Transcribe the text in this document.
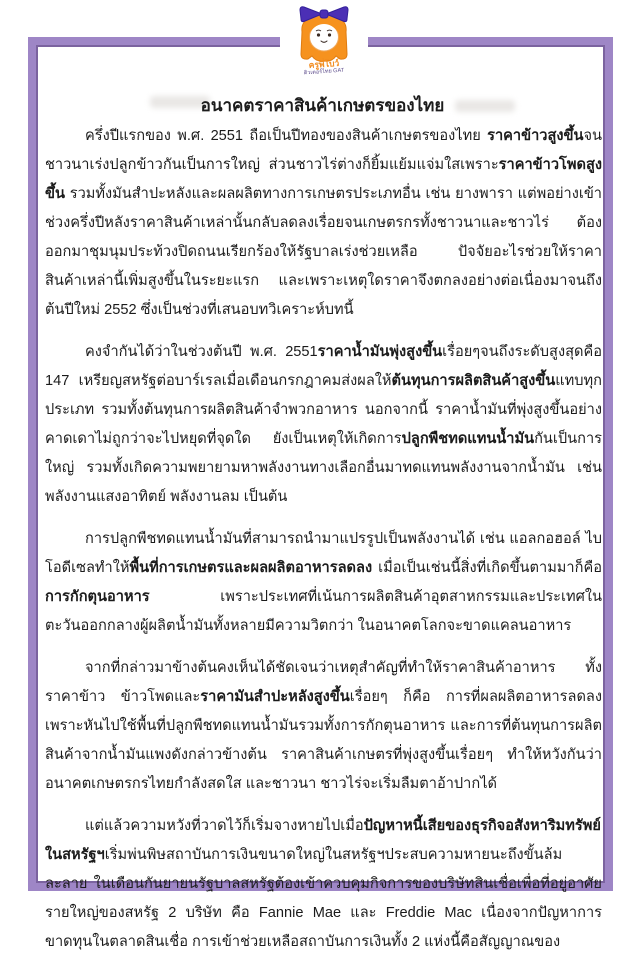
ครูพี่โบว์
ติวเตอร์ไทย GAT
อนาคตราคาสินค้าเกษตรของไทย

ครึ่งปีแรกของ พ.ศ. 2551 ถือเป็นปีทองของสินค้าเกษตรของไทย ราคาข้าวสูงขึ้นจนชาวนาเร่งปลูกข้าวกันเป็นการใหญ่ ส่วนชาวไร่ต่างก็ยิ้มแย้มแจ่มใสเพราะราคาข้าวโพดสูงขึ้น รวมทั้งมันสำปะหลังและผลผลิตทางการเกษตรประเภทอื่น เช่น ยางพารา แต่พอย่างเข้าช่วงครึ่งปีหลังราคาสินค้าเหล่านั้นกลับลดลงเรื่อยจนเกษตรกรทั้งชาวนาและชาวไร่ ต้องออกมาชุมนุมประท้วงปิดถนนเรียกร้องให้รัฐบาลเร่งช่วยเหลือ ปัจจัยอะไรช่วยให้ราคาสินค้าเหล่านี้เพิ่มสูงขึ้นในระยะแรก และเพราะเหตุใดราคาจึงตกลงอย่างต่อเนื่องมาจนถึงต้นปีใหม่ 2552 ซึ่งเป็นช่วงที่เสนอบทวิเคราะห์บทนี้

คงจำกันได้ว่าในช่วงต้นปี พ.ศ. 2551ราคาน้ำมันพุ่งสูงขึ้นเรื่อยๆจนถึงระดับสูงสุดคือ 147 เหรียญสหรัฐต่อบาร์เรลเมื่อเดือนกรกฎาคมส่งผลให้ต้นทุนการผลิตสินค้าสูงขึ้นแทบทุกประเภท รวมทั้งต้นทุนการผลิตสินค้าจำพวกอาหาร นอกจากนี้ ราคาน้ำมันที่พุ่งสูงขึ้นอย่างคาดเดาไม่ถูกว่าจะไปหยุดที่จุดใด ยังเป็นเหตุให้เกิดการปลูกพืชทดแทนน้ำมันกันเป็นการใหญ่ รวมทั้งเกิดความพยายามหาพลังงานทางเลือกอื่นมาทดแทนพลังงานจากน้ำมัน เช่น พลังงานแสงอาทิตย์ พลังงานลม เป็นต้น

การปลูกพืชทดแทนน้ำมันที่สามารถนำมาแปรรูปเป็นพลังงานได้ เช่น แอลกอฮอล์ ไบโอดีเซลทำให้พื้นที่การเกษตรและผลผลิตอาหารลดลง เมื่อเป็นเช่นนี้สิ่งที่เกิดขึ้นตามมาก็คือ การกักตุนอาหาร เพราะประเทศที่เน้นการผลิตสินค้าอุตสาหกรรมและประเทศในตะวันออกกลางผู้ผลิตน้ำมันทั้งหลายมีความวิตกว่า ในอนาคตโลกจะขาดแคลนอาหาร

จากที่กล่าวมาข้างต้นคงเห็นได้ชัดเจนว่าเหตุสำคัญที่ทำให้ราคาสินค้าอาหาร ทั้งราคาข้าว ข้าวโพดและราคามันสำปะหลังสูงขึ้นเรื่อยๆ ก็คือ การที่ผลผลิตอาหารลดลงเพราะหันไปใช้พื้นที่ปลูกพืชทดแทนน้ำมันรวมทั้งการกักตุนอาหาร และการที่ต้นทุนการผลิตสินค้าจากน้ำมันแพงดังกล่าวข้างต้น ราคาสินค้าเกษตรที่พุ่งสูงขึ้นเรื่อยๆ ทำให้หวังกันว่าอนาคตเกษตรกรไทยกำลังสดใส และชาวนา ชาวไร่จะเริ่มลืมตาอ้าปากได้

แต่แล้วความหวังที่วาดไว้ก็เริ่มจางหายไปเมื่อปัญหาหนี้เสียของธุรกิจอสังหาริมทรัพย์ในสหรัฐฯเริ่มพ่นพิษสถาบันการเงินขนาดใหญ่ในสหรัฐฯประสบความหายนะถึงขั้นล้มละลาย ในเดือนกันยายนรัฐบาลสหรัฐต้องเข้าควบคุมกิจการของบริษัทสินเชื่อเพื่อที่อยู่อาศัยรายใหญ่ของสหรัฐ 2 บริษัท คือ Fannie Mae และ Freddie Mac เนื่องจากปัญหาการขาดทุนในตลาดสินเชื่อ การเข้าช่วยเหลือสถาบันการเงินทั้ง 2 แห่งนี้คือสัญญาณของ
